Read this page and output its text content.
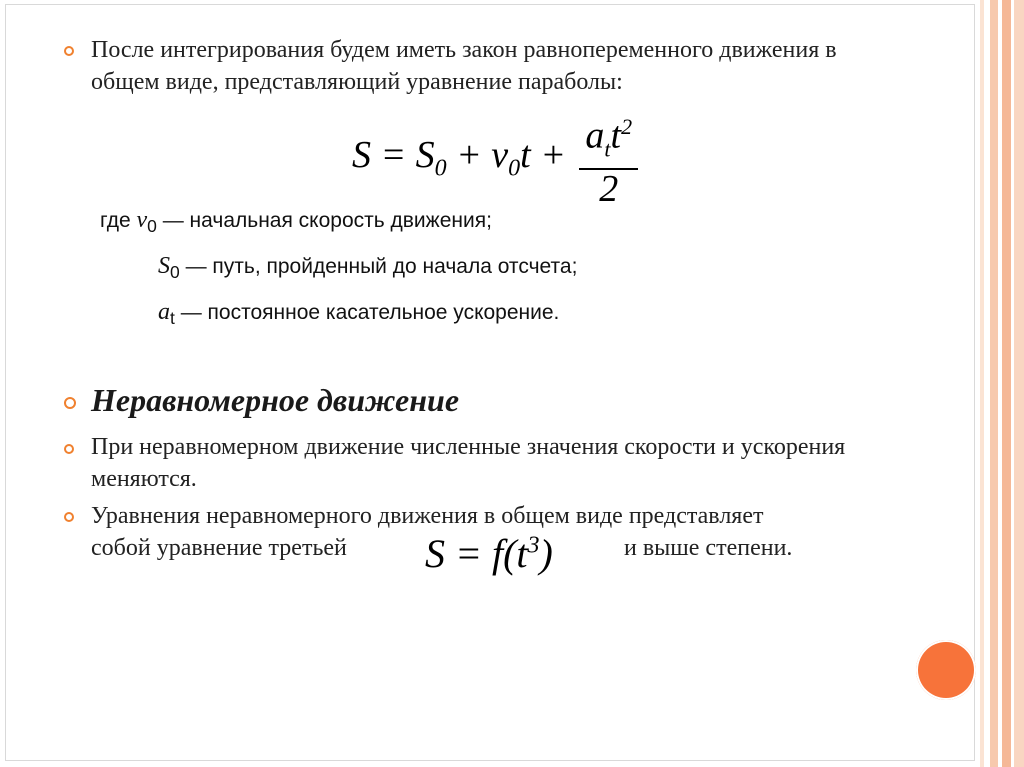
После интегрирования будем иметь закон равнопеременного движения в общем виде, представляющий уравнение параболы:
$S = S_0 + v_0t + \frac{a_tt^2}{2}$
где $v_0$ — начальная скорость движения;
$S_0$ — путь, пройденный до начала отсчета;
$a_t$ — постоянное касательное ускорение.
Неравномерное движение
При неравномерном движение численные значения скорости и ускорения меняются.
Уравнения неравномерного движения в общем виде представляет
собой уравнение третьей $S = f(t^3)$	и выше степени.
